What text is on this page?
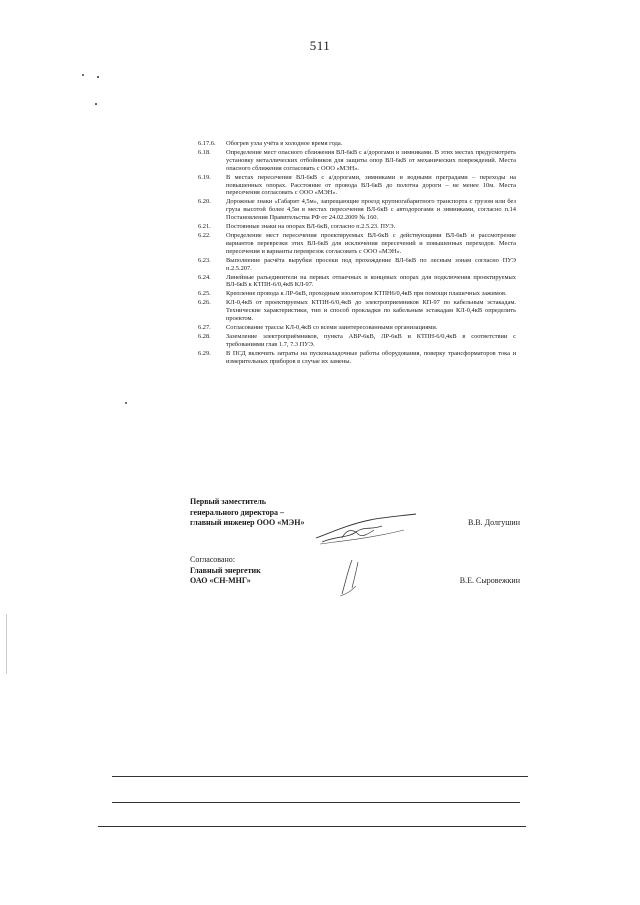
511
6.17.6.	Обогрев узла учёта в холодное время года.
6.18.	Определение мест опасного сближения ВЛ-6кВ с а/дорогами и зимниками. В этих местах предусмотреть установку металлических отбойников для защиты опор ВЛ-6кВ от механических повреждений. Места опасного сближения согласовать с ООО «МЭН».
6.19.	В местах пересечения ВЛ-6кВ с а/дорогами, зимниками и водными преградами – переходы на повышенных опорах. Расстояние от провода ВЛ-6кВ до полотна дороги – не менее 10м. Места пересечения согласовать с ООО «МЭН».
6.20.	Дорожные знаки «Габарит 4,5м», запрещающие проезд крупногабаритного транспорта с грузом или без груза высотой более 4,5м в местах пересечения ВЛ-6кВ с автодорогами и зимниками, согласно п.14 Постановления Правительства РФ от 24.02.2009 № 160.
6.21.	Постоянные знаки на опорах ВЛ-6кВ, согласно п.2.5.23. ПУЭ.
6.22.	Определение мест пересечения проектируемых ВЛ-6кВ с действующими ВЛ-6кВ и рассмотрение вариантов переврезки этих ВЛ-6кВ для исключения пересечений и повышенных переходов. Места пересечения и варианты переврезок согласовать с ООО «МЭН».
6.23.	Выполнение расчёта вырубки просеки под прохождение ВЛ-6кВ по лесным зонам согласно ПУЭ п.2.5.207.
6.24.	Линейные разъединители на первых отпаечных и концевых опорах для подключения проектируемых ВЛ-6кВ к КТПН-6/0,4кВ КЛ-97.
6.25.	Крепление провода к ЛР-6кВ, проходным изолятором КТПН6/0,4кВ при помощи плашечных зажимов.
6.26.	КЛ-0,4кВ от проектируемых КТПН-6/0,4кВ до электроприемников КП-97 по кабельным эстакадам. Технические характеристики, тип и способ прокладки по кабельным эстакадам КЛ-0,4кВ определить проектом.
6.27.	Согласование трассы КЛ-0,4кВ со всеми заинтересованными организациями.
6.28.	Заземление электроприёмников, пункта АВР-6кВ, ЛР-6кВ и КТПН-6/0,4кВ в соответствии с требованиями глав 1.7, 7.3 ПУЭ.
6.29.	В ПСД включить затраты на пусконаладочные работы оборудования, поверку трансформаторов тока и измерительных приборов в случае их замены.
Первый заместитель
генерального директора –
главный инженер ООО «МЭН»	В.В. Долгушин
Согласовано:
Главный энергетик
ОАО «СН-МНГ»	В.Е. Сыровежкин
